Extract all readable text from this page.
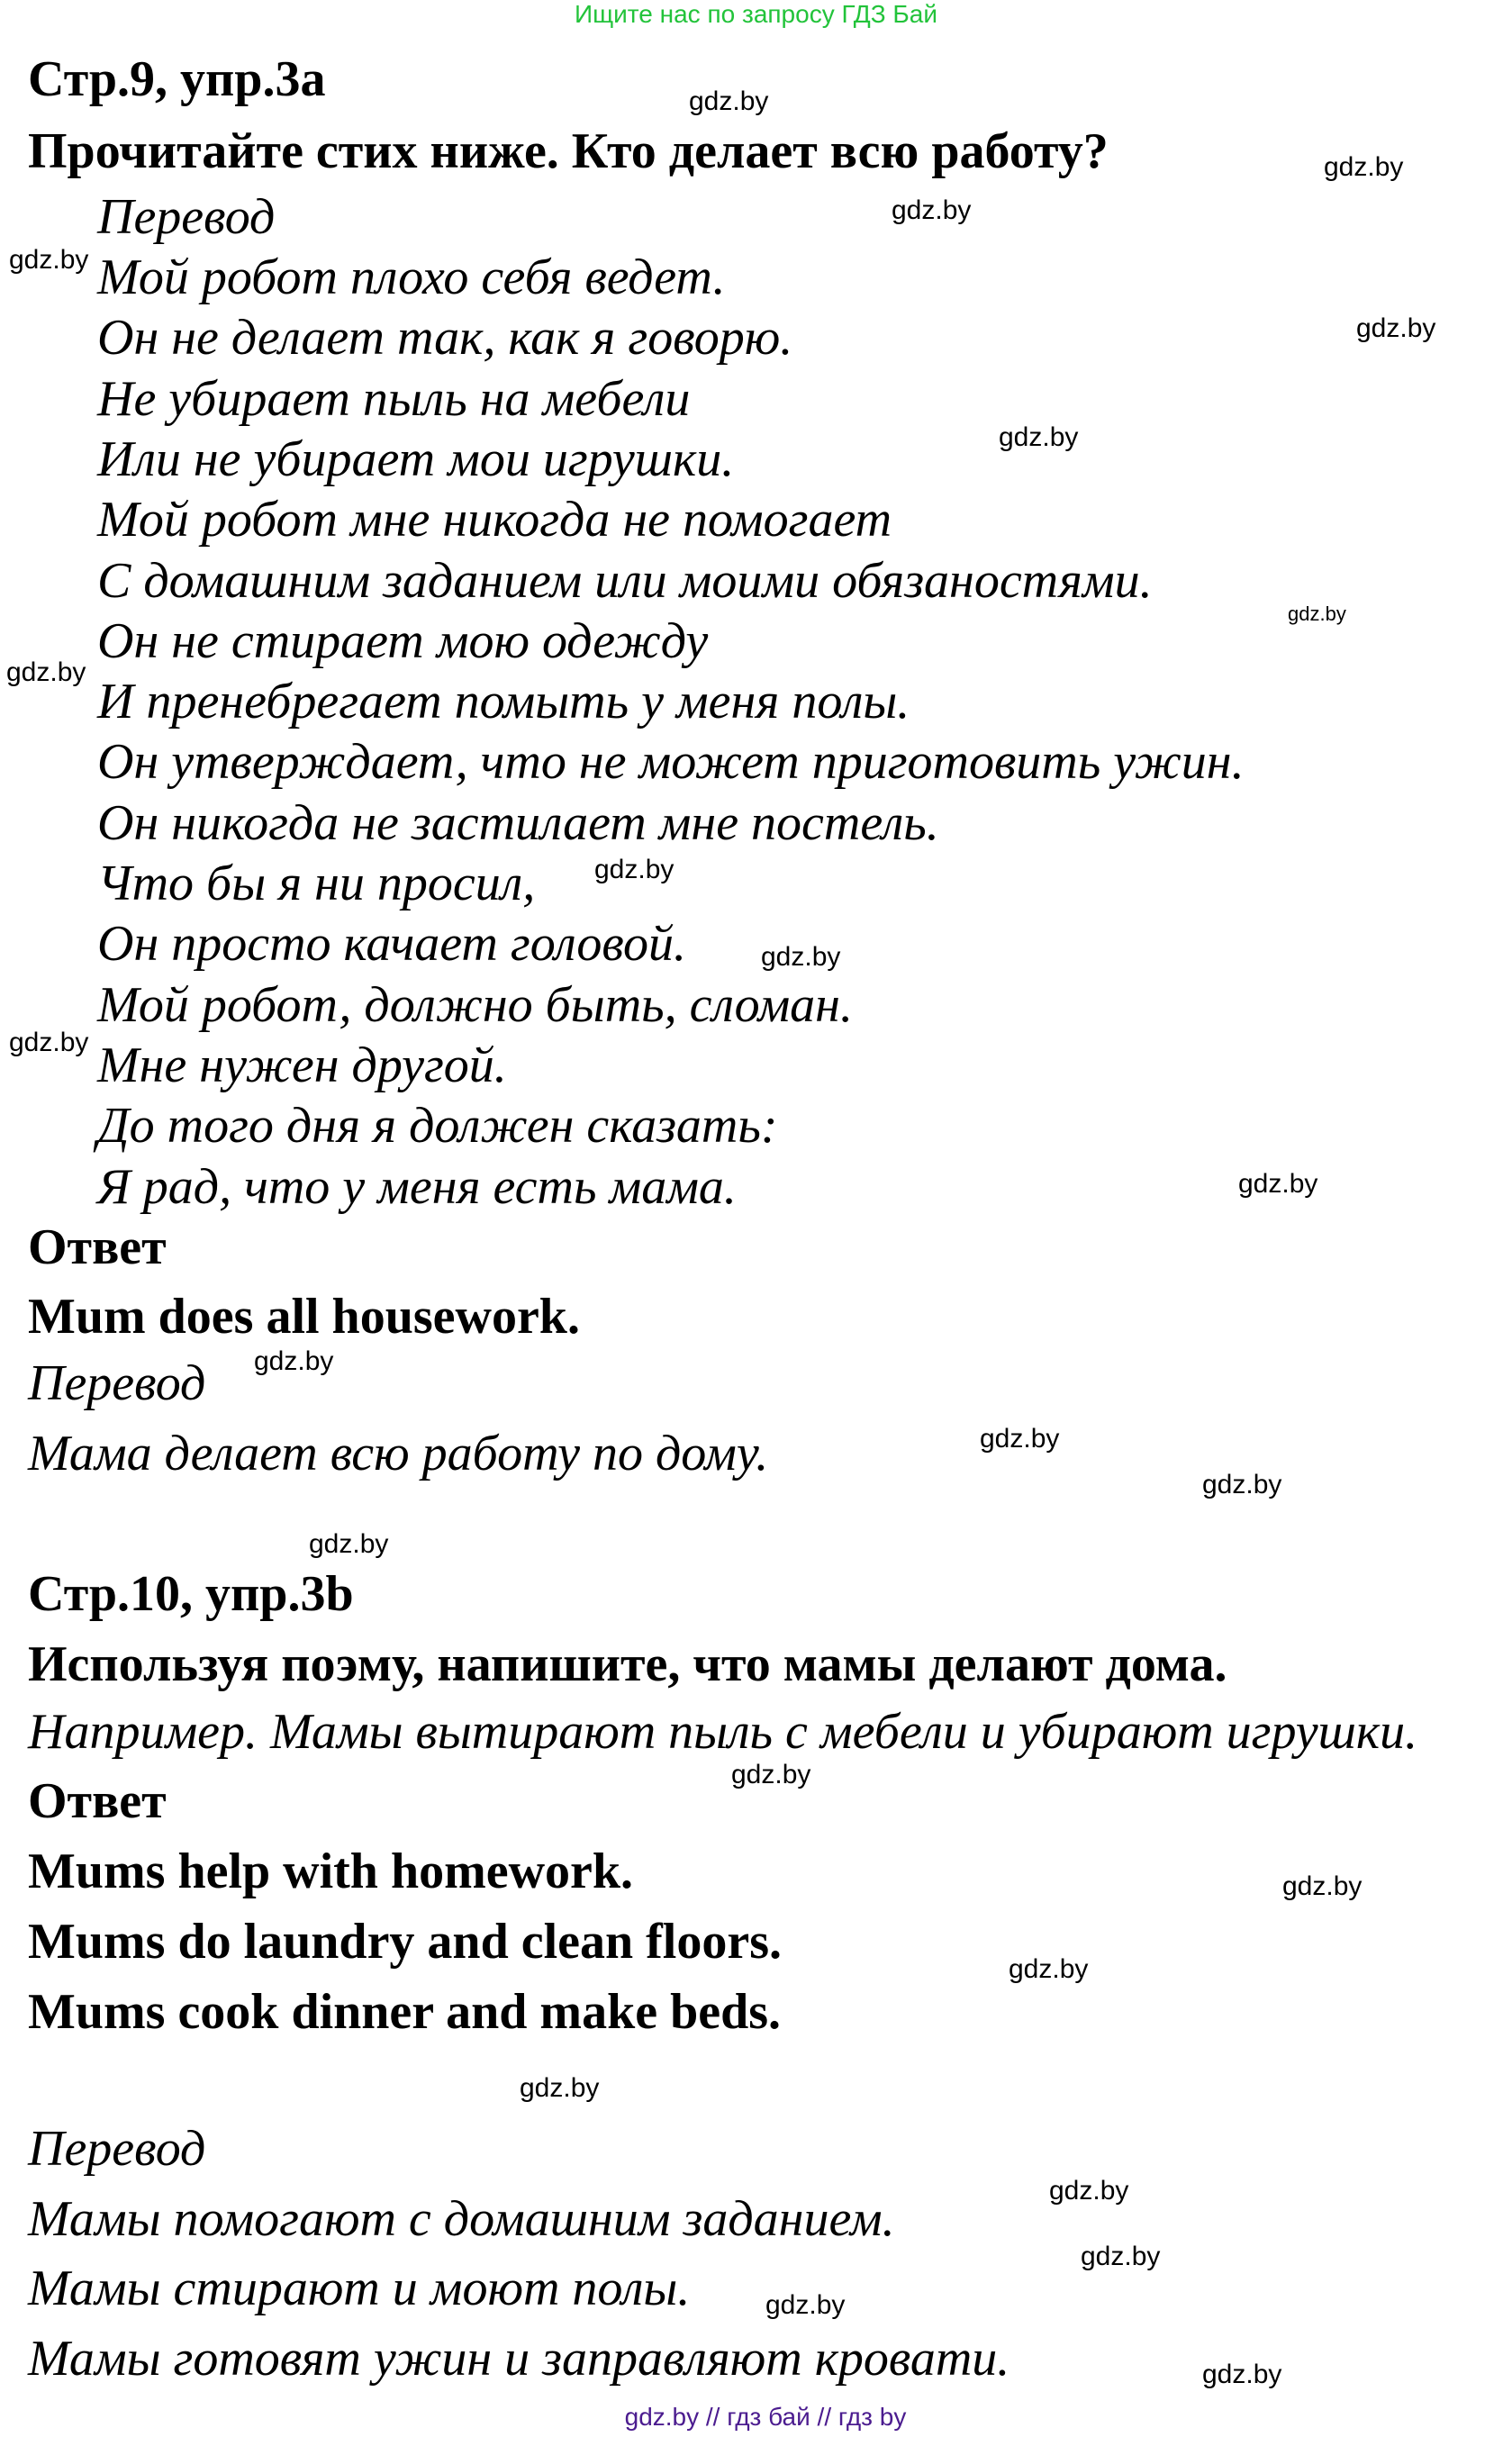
Ищите нас по запросу ГДЗ Бай
Стр.9, упр.3а
Прочитайте стих ниже. Кто делает всю работу?
Перевод
Мой робот плохо себя ведет.
Он не делает так, как я говорю.
Не убирает пыль на мебели
Или не убирает мои игрушки.
Мой робот мне никогда не помогает
С домашним заданием или моими обязаностями.
Он не стирает мою одежду
И пренебрегает помыть у меня полы.
Он утверждает, что не может приготовить ужин.
Он никогда не застилает мне постель.
Что бы я ни просил,
Он просто качает головой.
Мой робот, должно быть, сломан.
Мне нужен другой.
До того дня я должен сказать:
Я рад, что у меня есть мама.
Ответ
Mum does all housework.
Перевод
Мама делает всю работу по дому.
Стр.10, упр.3b
Используя поэму, напишите, что мамы делают дома.
Например. Мамы вытирают пыль с мебели и убирают игрушки.
Ответ
Mums help with homework.
Mums do laundry and clean floors.
Mums cook dinner and make beds.
Перевод
Мамы помогают с домашним заданием.
Мамы стирают и моют полы.
Мамы готовят ужин и заправляют кровати.
gdz.by
gdz.by
gdz.by
gdz.by
gdz.by
gdz.by
gdz.by
gdz.by
gdz.by
gdz.by
gdz.by
gdz.by
gdz.by
gdz.by
gdz.by
gdz.by
gdz.by
gdz.by
gdz.by
gdz.by
gdz.by
gdz.by
gdz.by
gdz.by
gdz.by // гдз бай // гдз by
